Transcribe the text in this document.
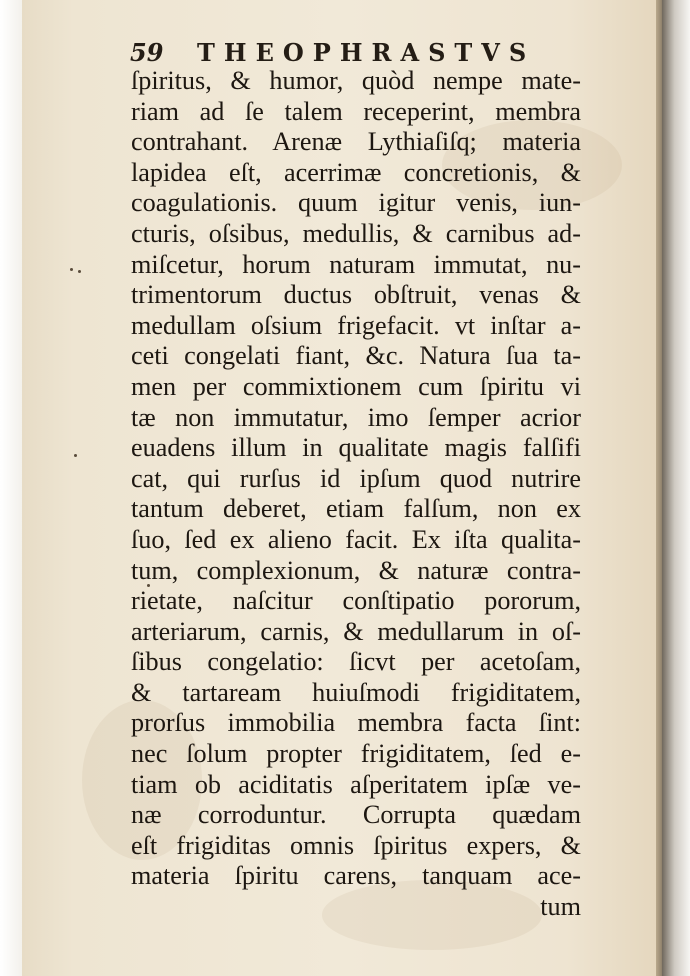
59 THEOPHRASTVS
ſpiritus, & humor, quòd nempe mate-
riam ad ſe talem receperint, membra
contrahant. Arenæ Lythiaſiſq; materia
lapidea eſt, acerrimæ concretionis, &
coagulationis. quum igitur venis, iun-
cturis, oſsibus, medullis, & carnibus ad-
miſcetur, horum naturam immutat, nu-
trimentorum ductus obſtruit, venas &
medullam oſsium frigefacit. vt inſtar a-
ceti congelati fiant, &c. Natura ſua ta-
men per commixtionem cum ſpiritu vi
tæ non immutatur, imo ſemper acrior
euadens illum in qualitate magis falſifi
cat, qui rurſus id ipſum quod nutrire
tantum deberet, etiam falſum, non ex
ſuo, ſed ex alieno facit. Ex iſta qualita-
tum, complexionum, & naturæ contra-
rietate, naſcitur conſtipatio pororum,
arteriarum, carnis, & medullarum in oſ-
ſibus congelatio: ſicvt per acetoſam,
& tartaream huiuſmodi frigiditatem,
prorſus immobilia membra facta ſint:
nec ſolum propter frigiditatem, ſed e-
tiam ob aciditatis aſperitatem ipſæ ve-
næ corroduntur. Corrupta quædam
eſt frigiditas omnis ſpiritus expers, &
materia ſpiritu carens, tanquam ace-
tum
